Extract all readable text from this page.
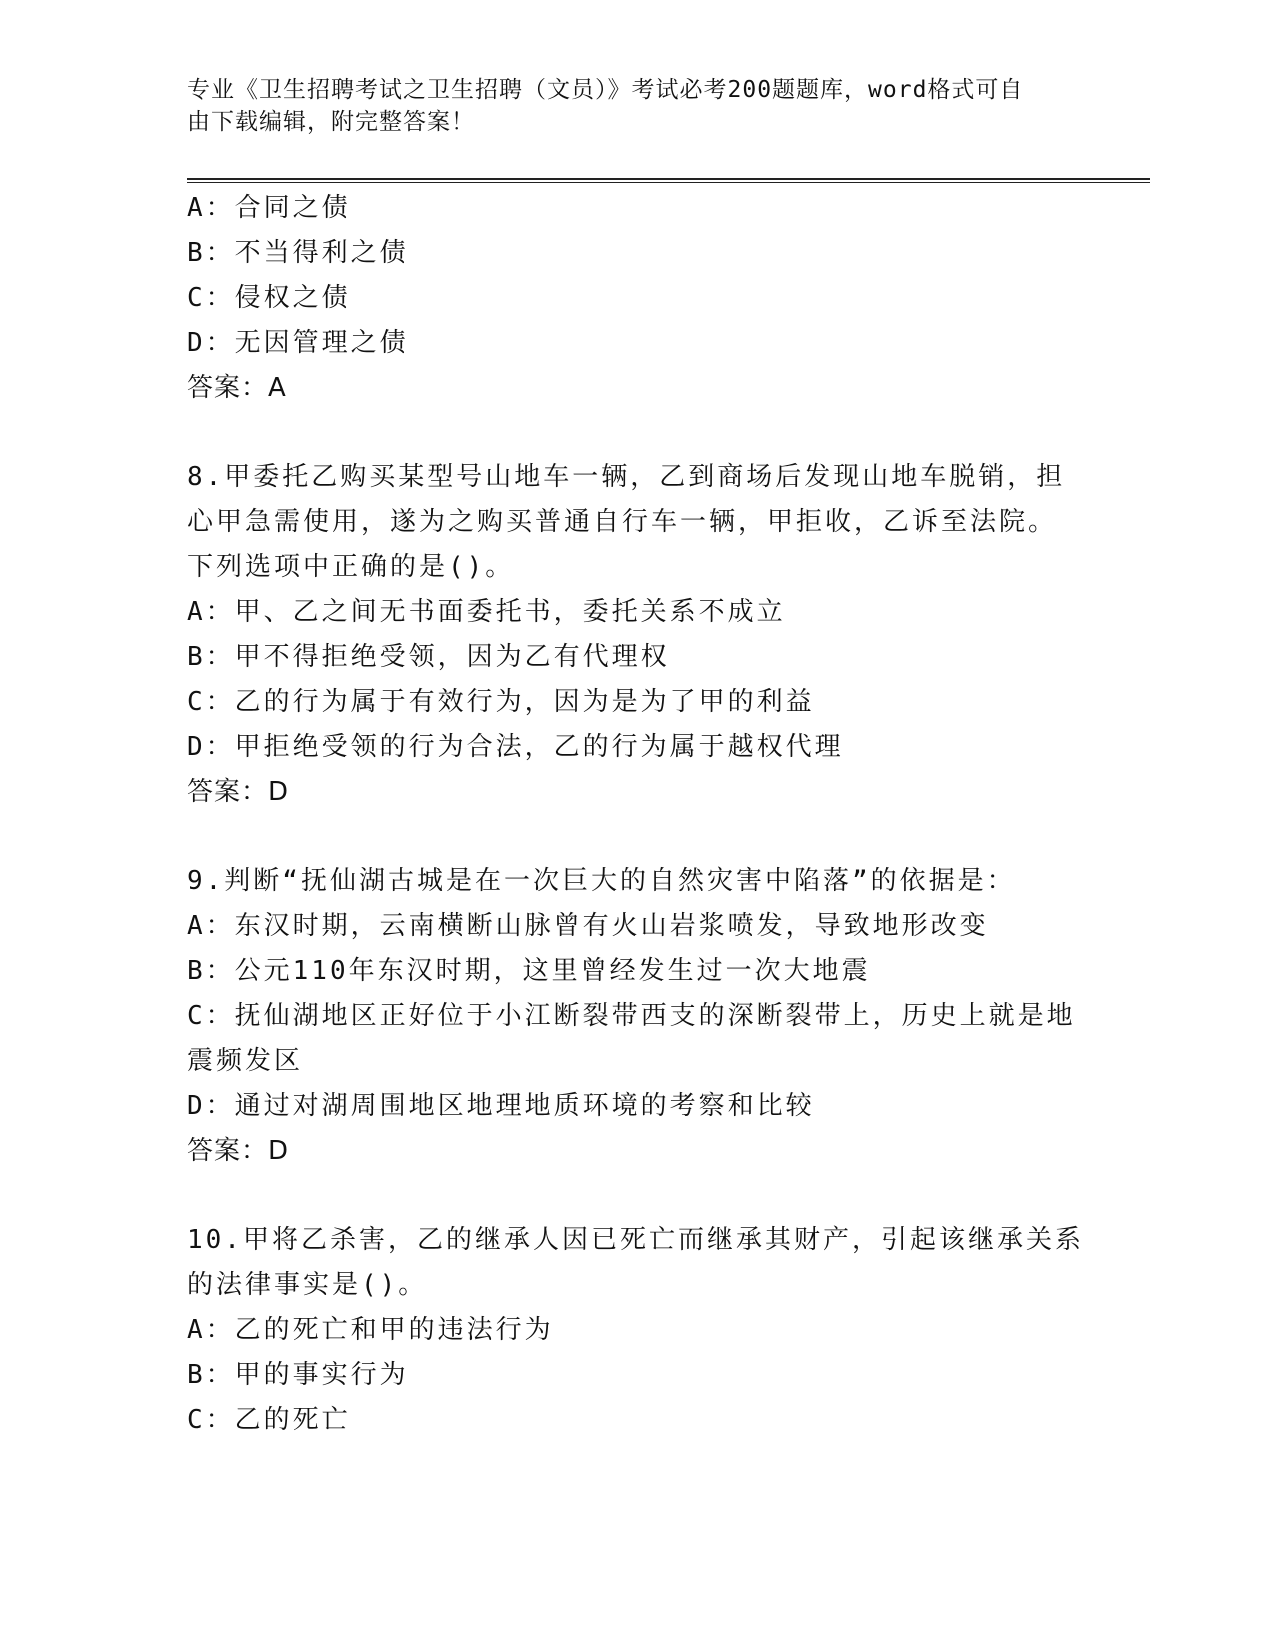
专业《卫生招聘考试之卫生招聘（文员）》考试必考200题题库，word格式可自
由下载编辑，附完整答案！
A：合同之债
B：不当得利之债
C：侵权之债
D：无因管理之债
答案：A
8.甲委托乙购买某型号山地车一辆，乙到商场后发现山地车脱销，担
心甲急需使用，遂为之购买普通自行车一辆，甲拒收，乙诉至法院。
下列选项中正确的是()。
A：甲、乙之间无书面委托书，委托关系不成立
B：甲不得拒绝受领，因为乙有代理权
C：乙的行为属于有效行为，因为是为了甲的利益
D：甲拒绝受领的行为合法，乙的行为属于越权代理
答案：D
9.判断“抚仙湖古城是在一次巨大的自然灾害中陷落”的依据是：
A：东汉时期，云南横断山脉曾有火山岩浆喷发，导致地形改变
B：公元110年东汉时期，这里曾经发生过一次大地震
C：抚仙湖地区正好位于小江断裂带西支的深断裂带上，历史上就是地
震频发区
D：通过对湖周围地区地理地质环境的考察和比较
答案：D
10.甲将乙杀害，乙的继承人因已死亡而继承其财产，引起该继承关系
的法律事实是()。
A：乙的死亡和甲的违法行为
B：甲的事实行为
C：乙的死亡
